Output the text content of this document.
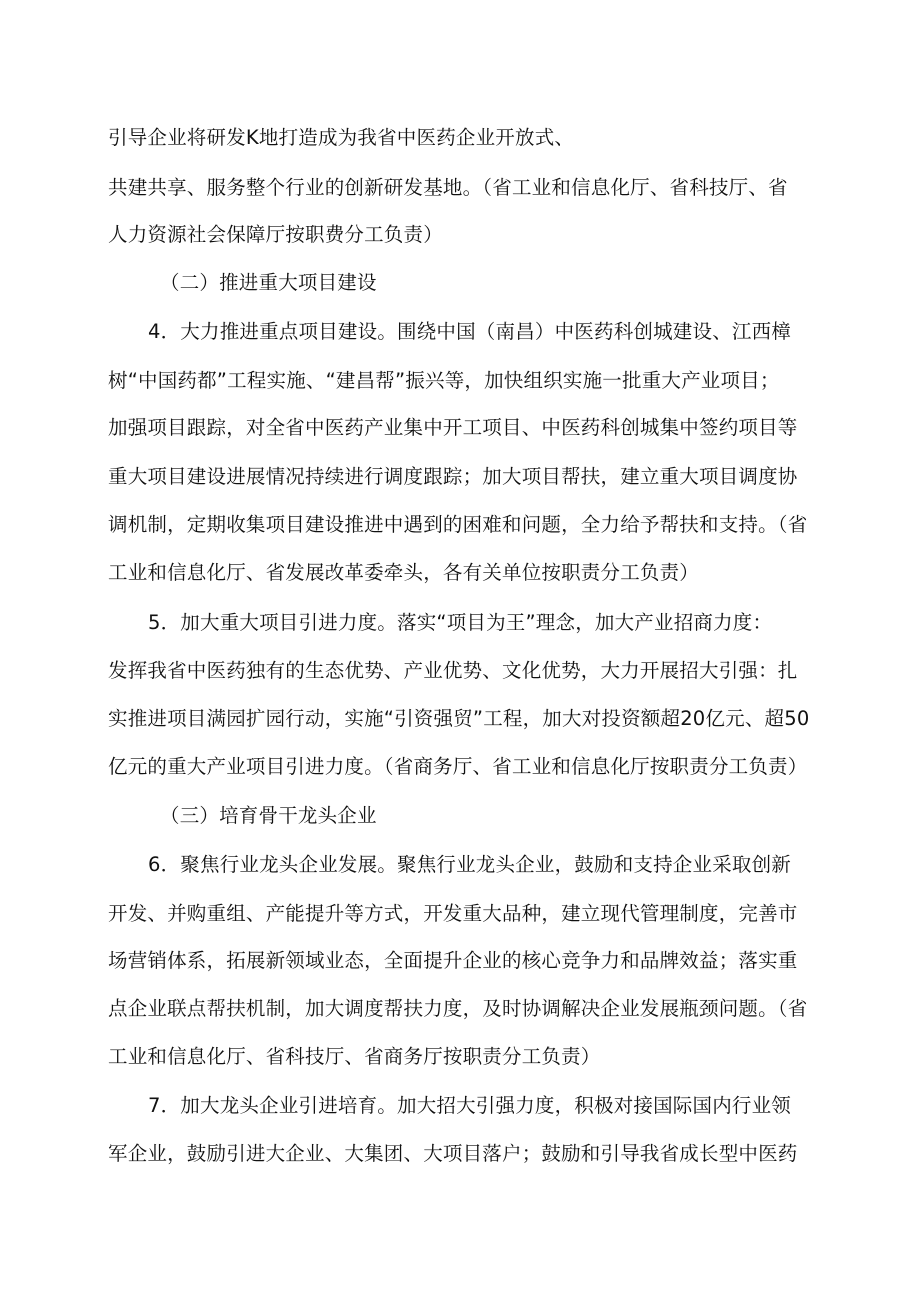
引导企业将研发K地打造成为我省中医药企业开放式、
共建共享、服务整个行业的创新研发基地。（省工业和信息化厅、省科技厅、省
人力资源社会保障厅按职费分工负责）
（二）推进重大项目建设
4．大力推进重点项目建设。围绕中国（南昌）中医药科创城建设、江西樟
树“中国药都”工程实施、“建昌帮”振兴等，加快组织实施一批重大产业项目；
加强项目跟踪，对全省中医药产业集中开工项目、中医药科创城集中签约项目等
重大项目建设进展情况持续进行调度跟踪；加大项目帮扶，建立重大项目调度协
调机制，定期收集项目建设推进中遇到的困难和问题，全力给予帮扶和支持。（省
工业和信息化厅、省发展改革委牵头，各有关单位按职责分工负责）
5．加大重大项目引进力度。落实“项目为王”理念，加大产业招商力度：
发挥我省中医药独有的生态优势、产业优势、文化优势，大力开展招大引强：扎
实推进项目满园扩园行动，实施“引资强贸”工程，加大对投资额超20亿元、超50
亿元的重大产业项目引进力度。（省商务厅、省工业和信息化厅按职责分工负责）
（三）培育骨干龙头企业
6．聚焦行业龙头企业发展。聚焦行业龙头企业，鼓励和支持企业采取创新
开发、并购重组、产能提升等方式，开发重大品种，建立现代管理制度，完善市
场营销体系，拓展新领域业态，全面提升企业的核心竞争力和品牌效益；落实重
点企业联点帮扶机制，加大调度帮扶力度，及时协调解决企业发展瓶颈问题。（省
工业和信息化厅、省科技厅、省商务厅按职责分工负责）
7．加大龙头企业引进培育。加大招大引强力度，积极对接国际国内行业领
军企业，鼓励引进大企业、大集团、大项目落户；鼓励和引导我省成长型中医药
